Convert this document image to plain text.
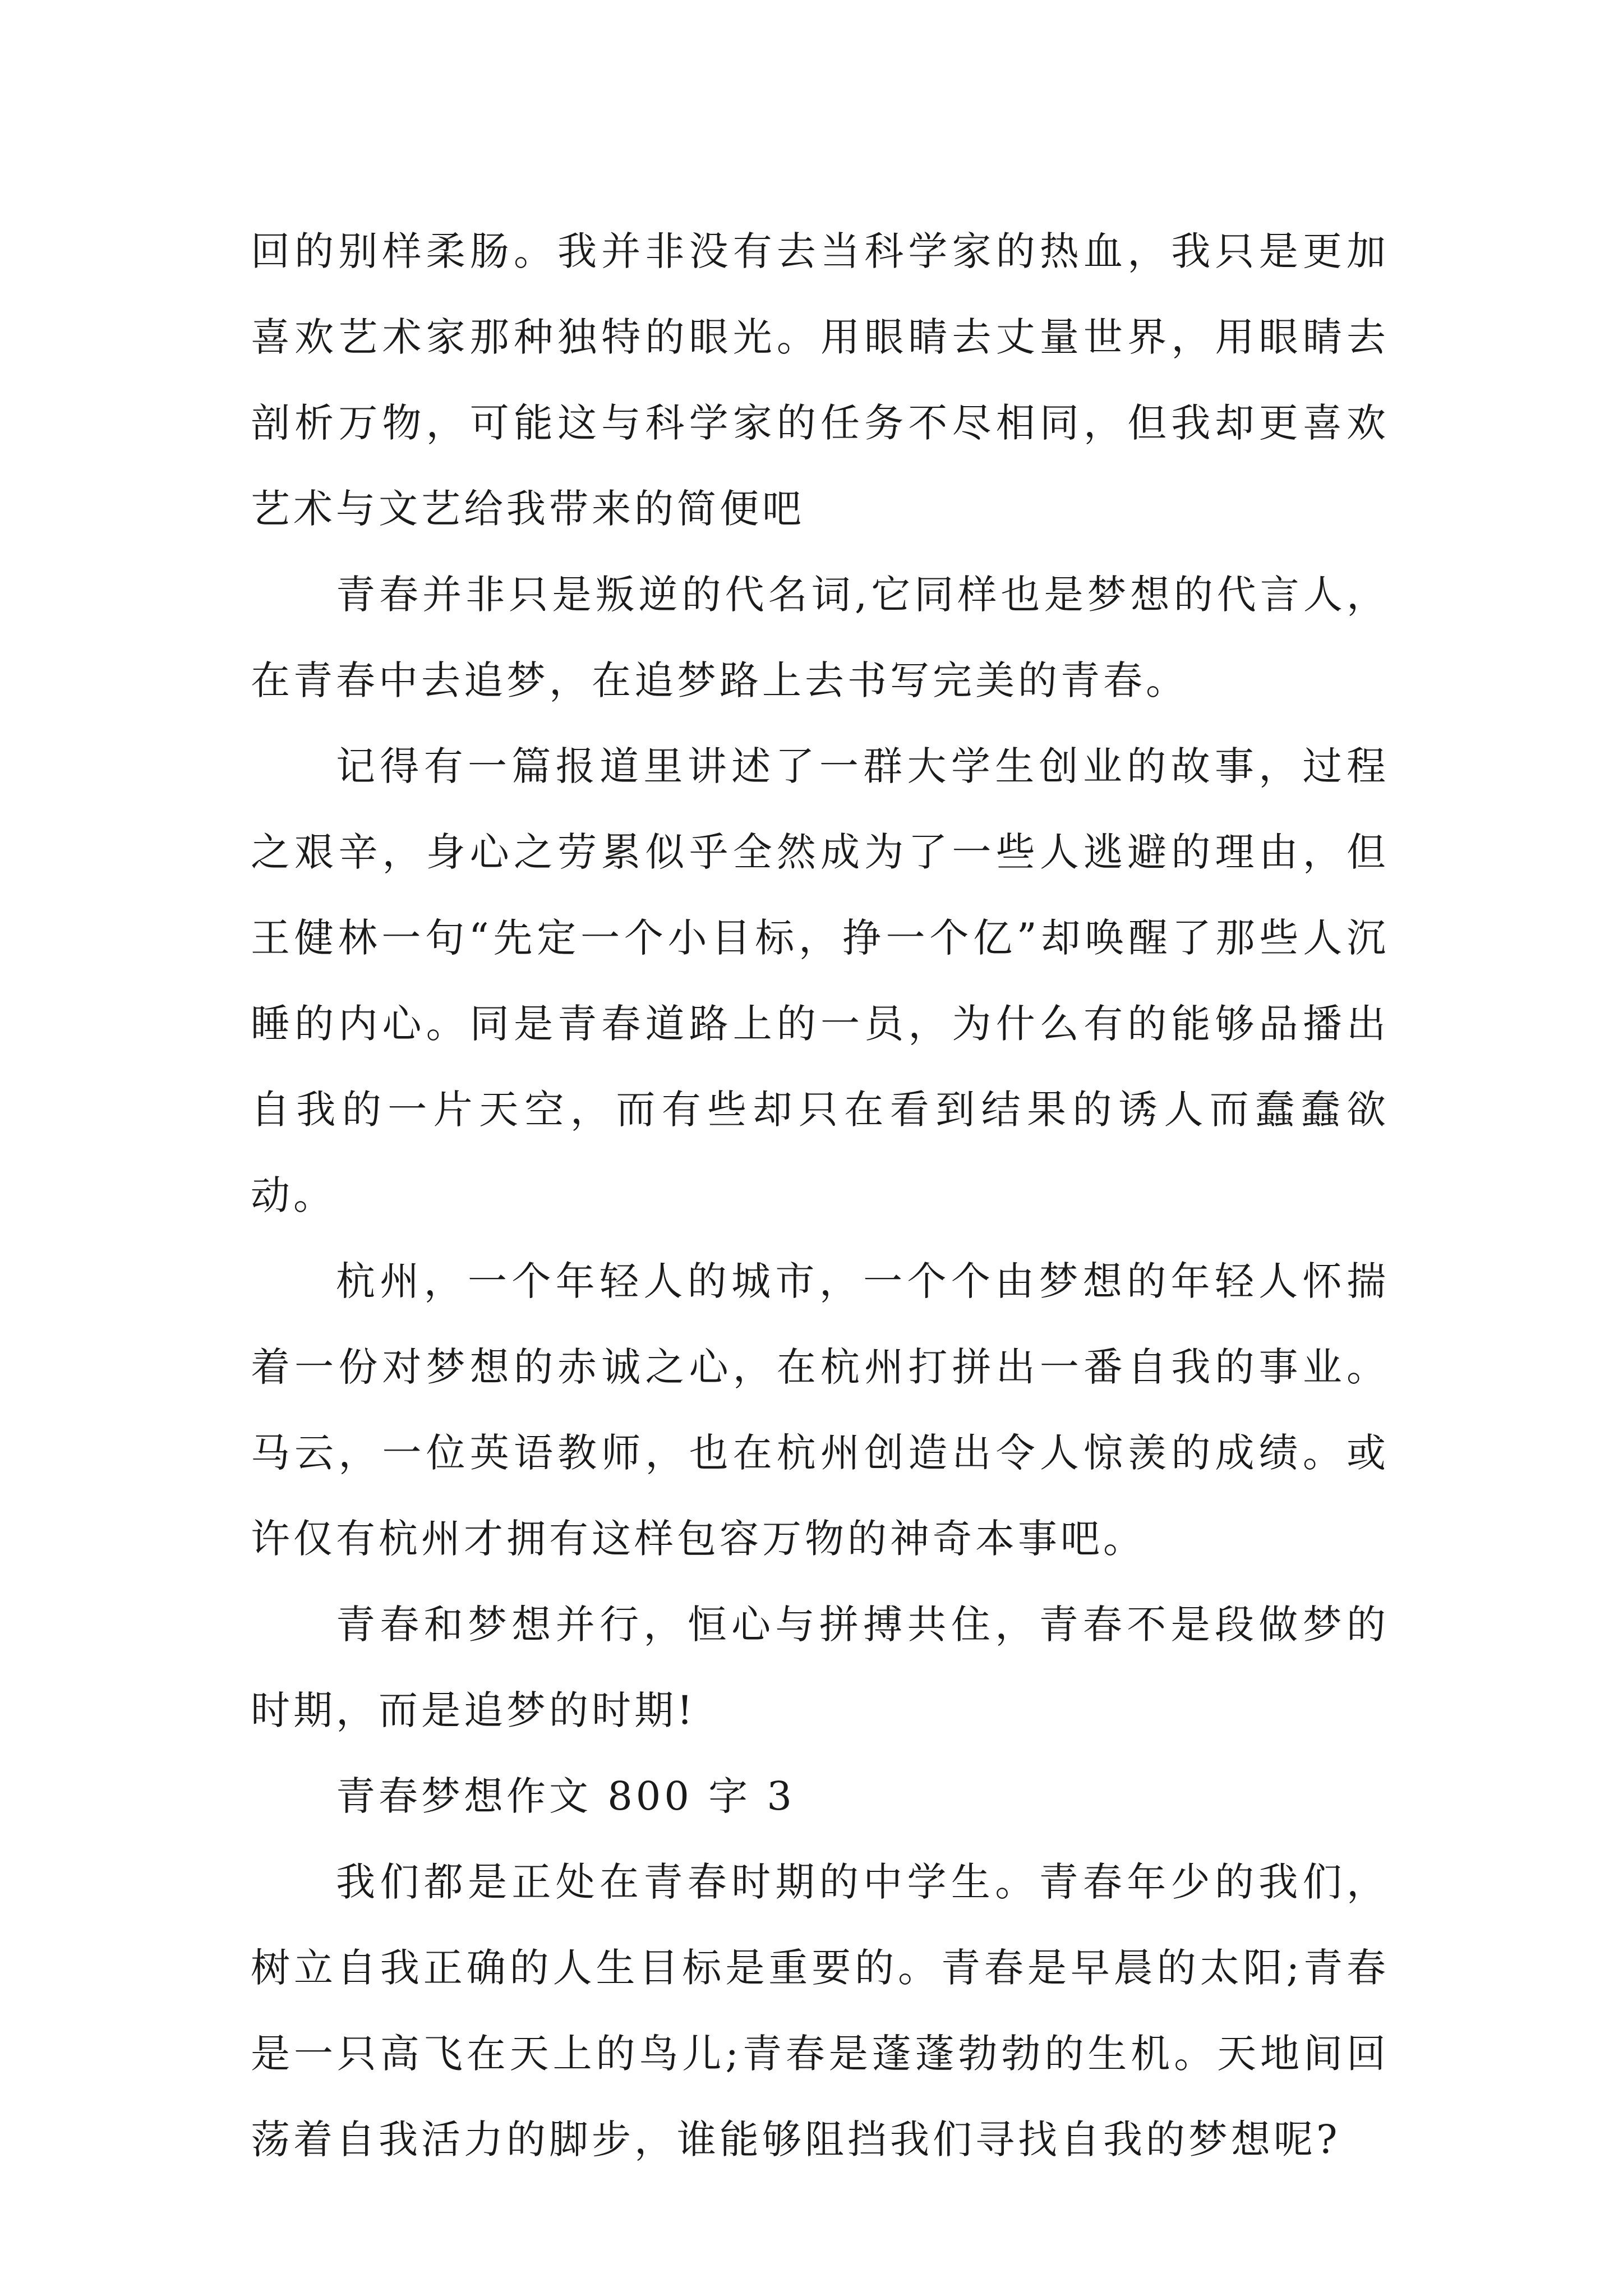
回的别样柔肠。我并非没有去当科学家的热血，我只是更加喜欢艺术家那种独特的眼光。用眼睛去丈量世界，用眼睛去剖析万物，可能这与科学家的任务不尽相同，但我却更喜欢艺术与文艺给我带来的简便吧

青春并非只是叛逆的代名词,它同样也是梦想的代言人，在青春中去追梦，在追梦路上去书写完美的青春。

记得有一篇报道里讲述了一群大学生创业的故事，过程之艰辛，身心之劳累似乎全然成为了一些人逃避的理由，但王健林一句“先定一个小目标，挣一个亿”却唤醒了那些人沉睡的内心。同是青春道路上的一员，为什么有的能够品播出自我的一片天空，而有些却只在看到结果的诱人而蠢蠢欲动。

杭州，一个年轻人的城市，一个个由梦想的年轻人怀揣着一份对梦想的赤诚之心，在杭州打拼出一番自我的事业。马云，一位英语教师，也在杭州创造出令人惊羡的成绩。或许仅有杭州才拥有这样包容万物的神奇本事吧。

青春和梦想并行，恒心与拼搏共住，青春不是段做梦的时期，而是追梦的时期!

青春梦想作文 800 字 3

我们都是正处在青春时期的中学生。青春年少的我们，树立自我正确的人生目标是重要的。青春是早晨的太阳;青春是一只高飞在天上的鸟儿;青春是蓬蓬勃勃的生机。天地间回荡着自我活力的脚步，谁能够阻挡我们寻找自我的梦想呢?
